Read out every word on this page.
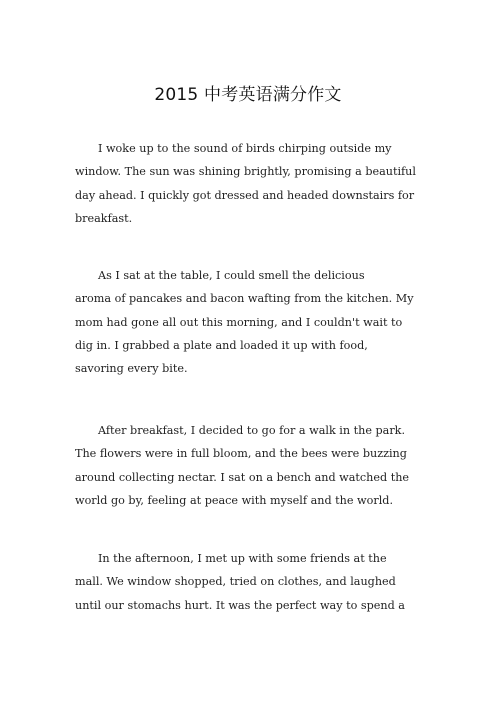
2015 中考英语满分作文

I woke up to the sound of birds chirping outside my
window. The sun was shining brightly, promising a beautiful
day ahead. I quickly got dressed and headed downstairs for
breakfast.

As I sat at the table, I could smell the delicious
aroma of pancakes and bacon wafting from the kitchen. My
mom had gone all out this morning, and I couldn't wait to
dig in. I grabbed a plate and loaded it up with food,
savoring every bite.

After breakfast, I decided to go for a walk in the park.
The flowers were in full bloom, and the bees were buzzing
around collecting nectar. I sat on a bench and watched the
world go by, feeling at peace with myself and the world.

In the afternoon, I met up with some friends at the
mall. We window shopped, tried on clothes, and laughed
until our stomachs hurt. It was the perfect way to spend a
